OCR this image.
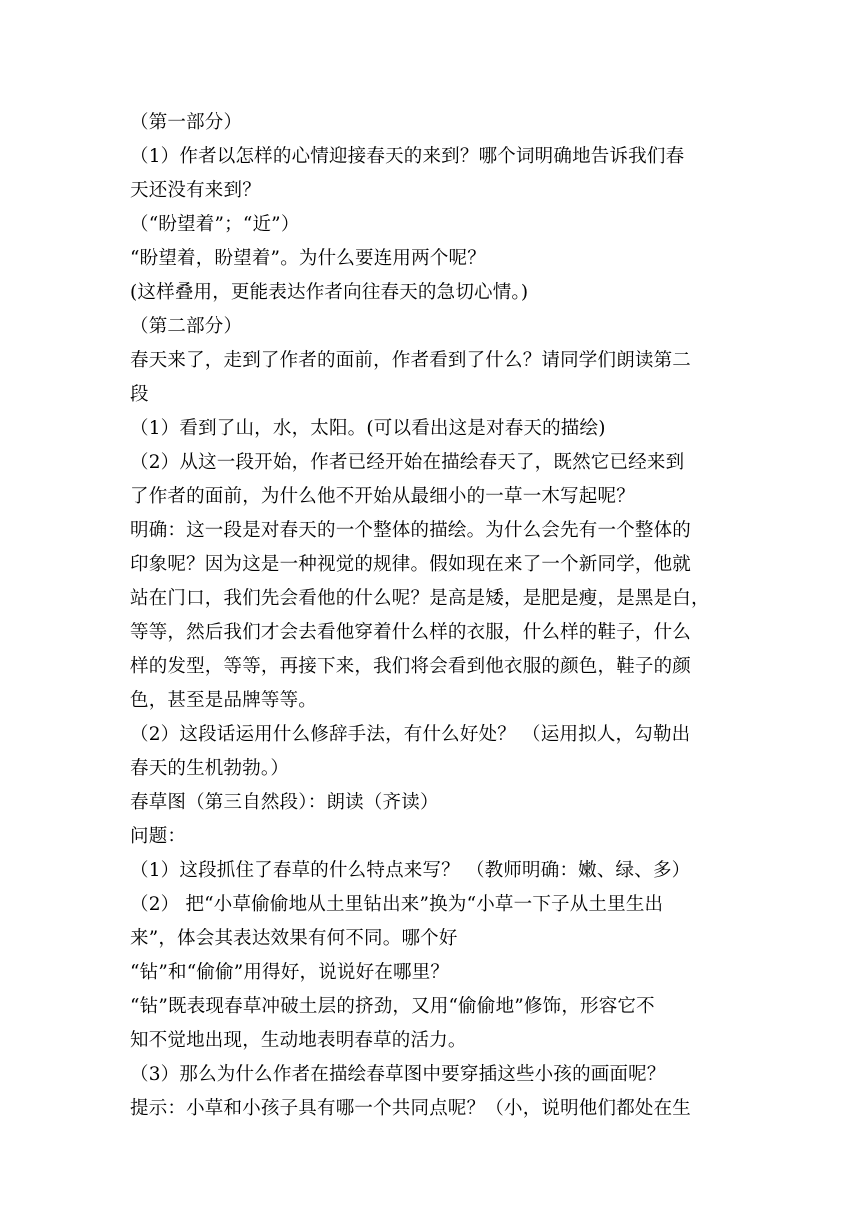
（第一部分）
（1）作者以怎样的心情迎接春天的来到？哪个词明确地告诉我们春
天还没有来到？
（“盼望着”；“近”）
“盼望着，盼望着”。为什么要连用两个呢？
(这样叠用，更能表达作者向往春天的急切心情。)
（第二部分）
春天来了，走到了作者的面前，作者看到了什么？请同学们朗读第二
段
（1）看到了山，水，太阳。(可以看出这是对春天的描绘)
（2）从这一段开始，作者已经开始在描绘春天了，既然它已经来到
了作者的面前，为什么他不开始从最细小的一草一木写起呢？
明确：这一段是对春天的一个整体的描绘。为什么会先有一个整体的
印象呢？因为这是一种视觉的规律。假如现在来了一个新同学，他就
站在门口，我们先会看他的什么呢？是高是矮，是肥是瘦，是黑是白，
等等，然后我们才会去看他穿着什么样的衣服，什么样的鞋子，什么
样的发型，等等，再接下来，我们将会看到他衣服的颜色，鞋子的颜
色，甚至是品牌等等。
（2）这段话运用什么修辞手法，有什么好处？ （运用拟人，勾勒出
春天的生机勃勃。）
春草图（第三自然段）：朗读（齐读）
问题：
（1）这段抓住了春草的什么特点来写？ （教师明确：嫩、绿、多）
（2） 把“小草偷偷地从土里钻出来”换为“小草一下子从土里生出
来”，体会其表达效果有何不同。哪个好
“钻”和“偷偷”用得好，说说好在哪里？
“钻”既表现春草冲破土层的挤劲，又用“偷偷地”修饰，形容它不
知不觉地出现，生动地表明春草的活力。
（3）那么为什么作者在描绘春草图中要穿插这些小孩的画面呢？
提示：小草和小孩子具有哪一个共同点呢？（小，说明他们都处在生
